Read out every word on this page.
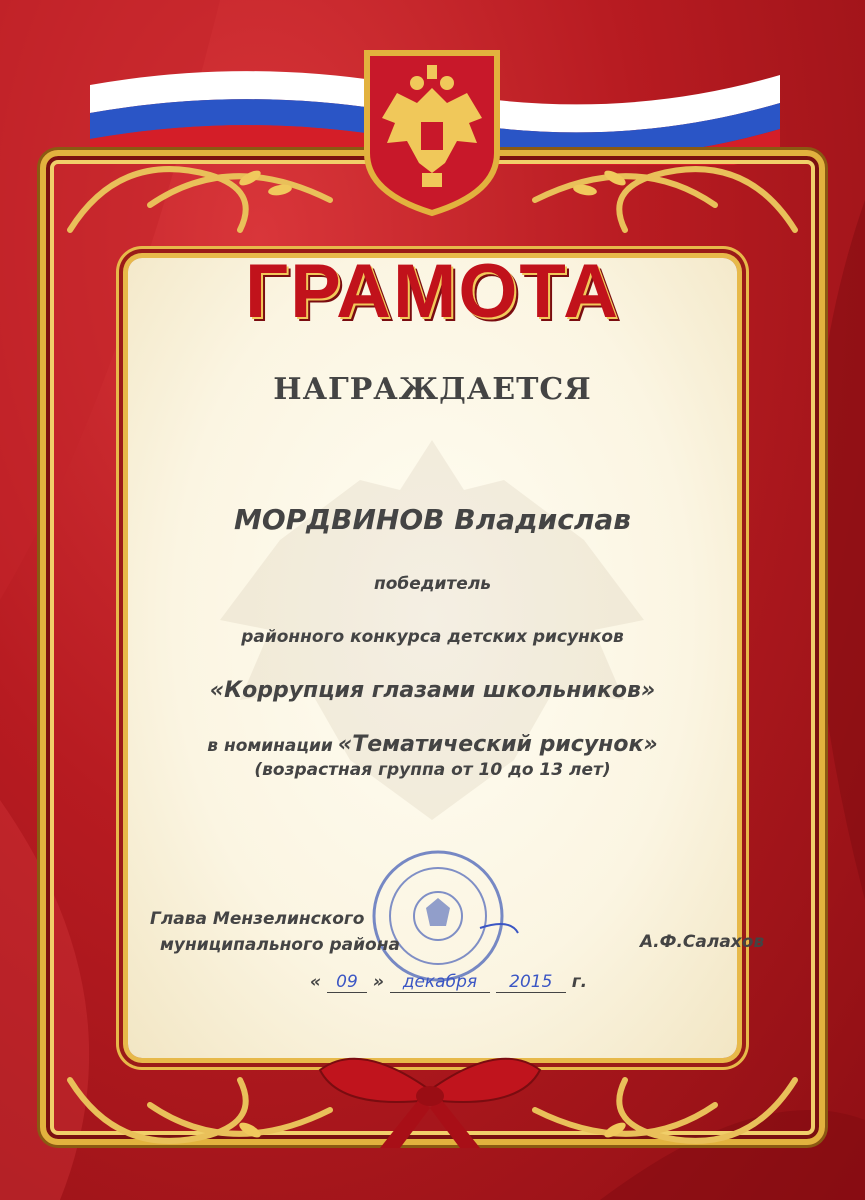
ГРАМОТА
НАГРАЖДАЕТСЯ
МОРДВИНОВ Владислав
победитель
районного конкурса детских рисунков
«Коррупция глазами школьников»
в номинации «Тематический рисунок»
(возрастная группа от 10 до 13 лет)
Глава Мензелинского
муниципального района	А.Ф.Салахов
« 09 » декабря 2015 г.
